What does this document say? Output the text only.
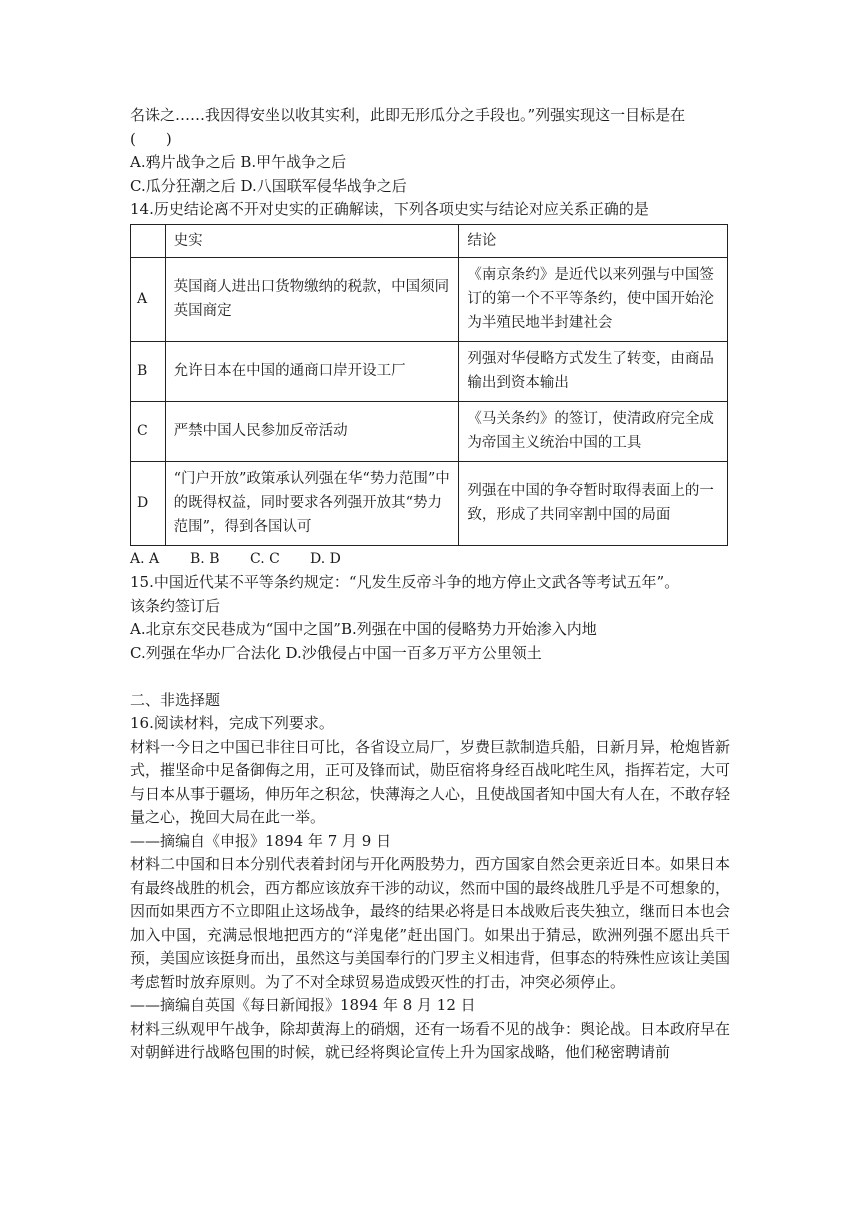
名诛之……我因得安坐以收其实利，此即无形瓜分之手段也。”列强实现这一目标是在

(　　)

A.鸦片战争之后 B.甲午战争之后

C.瓜分狂潮之后 D.八国联军侵华战争之后

14.历史结论离不开对史实的正确解读，下列各项史实与结论对应关系正确的是

	史实	结论
A	英国商人进出口货物缴纳的税款，中国须同英国商定	《南京条约》是近代以来列强与中国签订的第一个不平等条约，使中国开始沦为半殖民地半封建社会
B	允许日本在中国的通商口岸开设工厂	列强对华侵略方式发生了转变，由商品输出到资本输出
C	严禁中国人民参加反帝活动	《马关条约》的签订，使清政府完全成为帝国主义统治中国的工具
D	“门户开放”政策承认列强在华“势力范围”中的既得权益，同时要求各列强开放其“势力范围”，得到各国认可	列强在中国的争夺暂时取得表面上的一致，形成了共同宰割中国的局面

A. A B. B C. C D. D

15.中国近代某不平等条约规定：“凡发生反帝斗争的地方停止文武各等考试五年”。

该条约签订后

A.北京东交民巷成为“国中之国”B.列强在中国的侵略势力开始渗入内地

C.列强在华办厂合法化 D.沙俄侵占中国一百多万平方公里领土

二、非选择题

16.阅读材料，完成下列要求。

材料一今日之中国已非往日可比，各省设立局厂，岁费巨款制造兵船，日新月异，枪炮皆新式，摧坚命中足备御侮之用，正可及锋而试，勋臣宿将身经百战叱咤生风，指挥若定，大可与日本从事于疆场，伸历年之积忿，快薄海之人心，且使战国者知中国大有人在，不敢存轻量之心，挽回大局在此一举。

——摘编自《申报》1894 年 7 月 9 日

材料二中国和日本分别代表着封闭与开化两股势力，西方国家自然会更亲近日本。如果日本有最终战胜的机会，西方都应该放弃干涉的动议，然而中国的最终战胜几乎是不可想象的，因而如果西方不立即阻止这场战争，最终的结果必将是日本战败后丧失独立，继而日本也会加入中国，充满忌恨地把西方的“洋鬼佬”赶出国门。如果出于猜忌，欧洲列强不愿出兵干预，美国应该挺身而出，虽然这与美国奉行的门罗主义相违背，但事态的特殊性应该让美国考虑暂时放弃原则。为了不对全球贸易造成毁灭性的打击，冲突必须停止。

——摘编自英国《每日新闻报》1894 年 8 月 12 日

材料三纵观甲午战争，除却黄海上的硝烟，还有一场看不见的战争：舆论战。日本政府早在对朝鲜进行战略包围的时候，就已经将舆论宣传上升为国家战略，他们秘密聘请前
